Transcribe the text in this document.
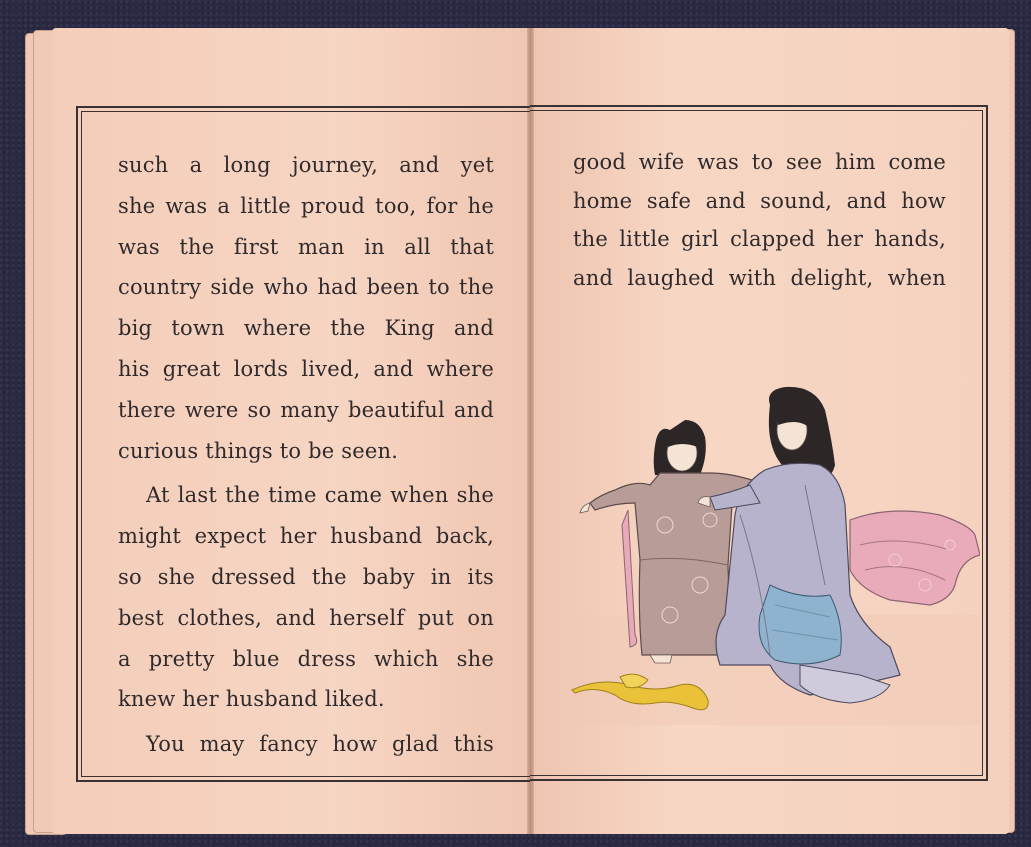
such a long journey, and yet
she was a little proud too, for he
was the first man in all that
country side who had been to the
big town where the King and
his great lords lived, and where
there were so many beautiful and
curious things to be seen.
At last the time came when she
might expect her husband back,
so she dressed the baby in its
best clothes, and herself put on
a pretty blue dress which she
knew her husband liked.
You may fancy how glad this
good wife was to see him come
home safe and sound, and how
the little girl clapped her hands,
and laughed with delight, when
